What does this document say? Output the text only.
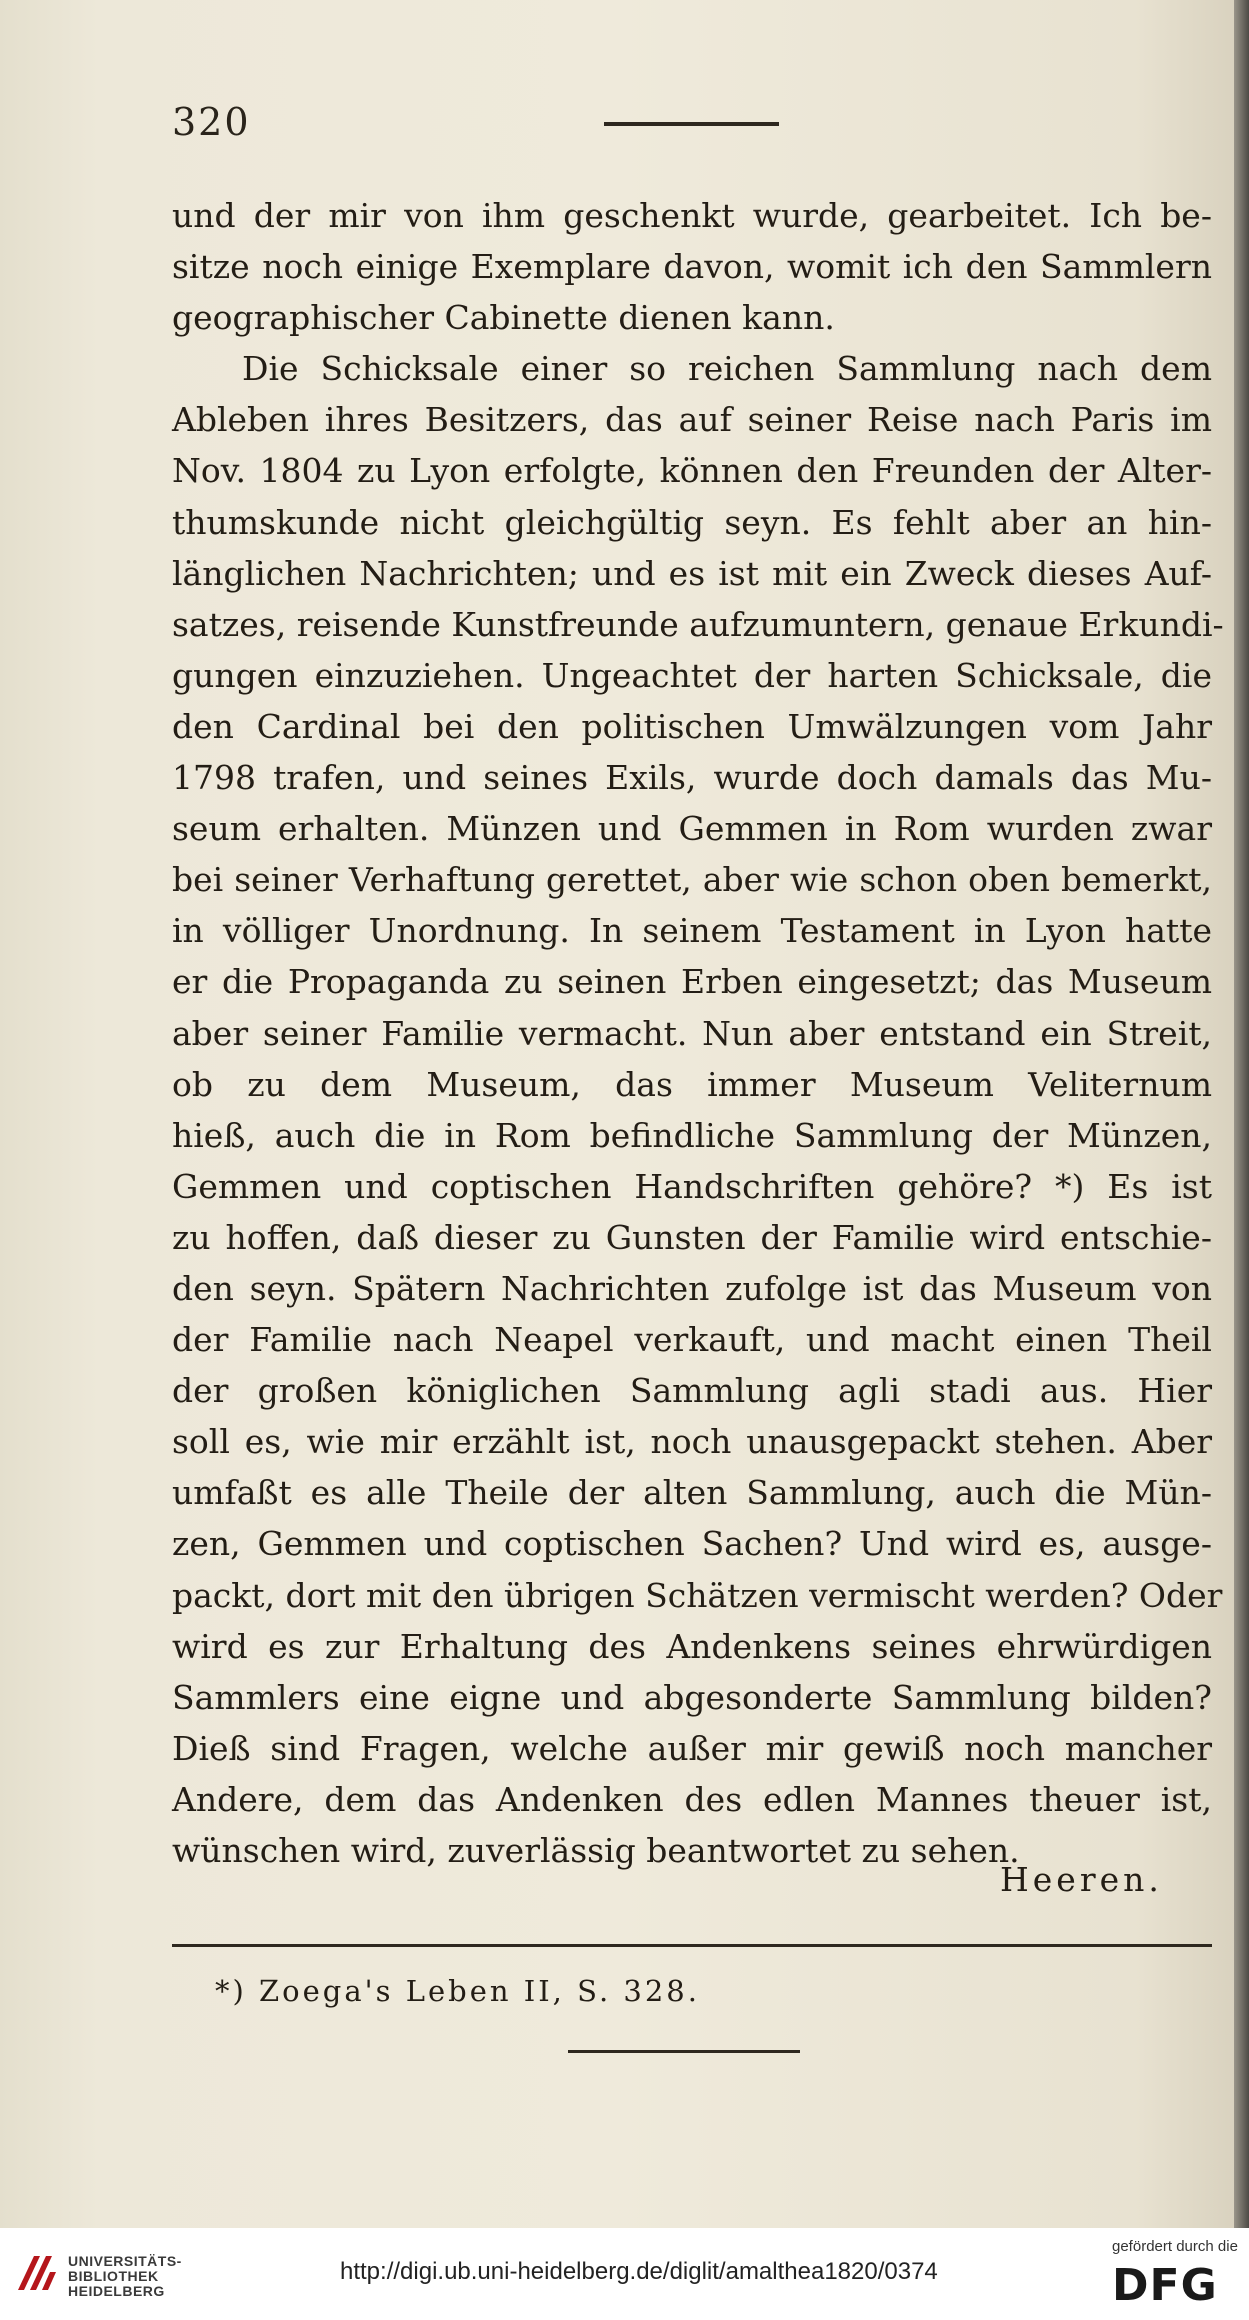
320
und der mir von ihm geschenkt wurde, gearbeitet. Ich be-
sitze noch einige Exemplare davon, womit ich den Sammlern
geographischer Cabinette dienen kann.
Die Schicksale einer so reichen Sammlung nach dem
Ableben ihres Besitzers, das auf seiner Reise nach Paris im
Nov. 1804 zu Lyon erfolgte, können den Freunden der Alter-
thumskunde nicht gleichgültig seyn. Es fehlt aber an hin-
länglichen Nachrichten; und es ist mit ein Zweck dieses Auf-
satzes, reisende Kunstfreunde aufzumuntern, genaue Erkundi-
gungen einzuziehen. Ungeachtet der harten Schicksale, die
den Cardinal bei den politischen Umwälzungen vom Jahr
1798 trafen, und seines Exils, wurde doch damals das Mu-
seum erhalten. Münzen und Gemmen in Rom wurden zwar
bei seiner Verhaftung gerettet, aber wie schon oben bemerkt,
in völliger Unordnung. In seinem Testament in Lyon hatte
er die Propaganda zu seinen Erben eingesetzt; das Museum
aber seiner Familie vermacht. Nun aber entstand ein Streit,
ob zu dem Museum, das immer Museum Veliternum
hieß, auch die in Rom befindliche Sammlung der Münzen,
Gemmen und coptischen Handschriften gehöre? *) Es ist
zu hoffen, daß dieser zu Gunsten der Familie wird entschie-
den seyn. Spätern Nachrichten zufolge ist das Museum von
der Familie nach Neapel verkauft, und macht einen Theil
der großen königlichen Sammlung agli stadi aus. Hier
soll es, wie mir erzählt ist, noch unausgepackt stehen. Aber
umfaßt es alle Theile der alten Sammlung, auch die Mün-
zen, Gemmen und coptischen Sachen? Und wird es, ausge-
packt, dort mit den übrigen Schätzen vermischt werden? Oder
wird es zur Erhaltung des Andenkens seines ehrwürdigen
Sammlers eine eigne und abgesonderte Sammlung bilden?
Dieß sind Fragen, welche außer mir gewiß noch mancher
Andere, dem das Andenken des edlen Mannes theuer ist,
wünschen wird, zuverlässig beantwortet zu sehen.
Heeren.
*) Zoega's Leben II, S. 328.
UNIVERSITÄTS-
BIBLIOTHEK
HEIDELBERG
http://digi.ub.uni-heidelberg.de/diglit/amalthea1820/0374
gefördert durch die
DFG
